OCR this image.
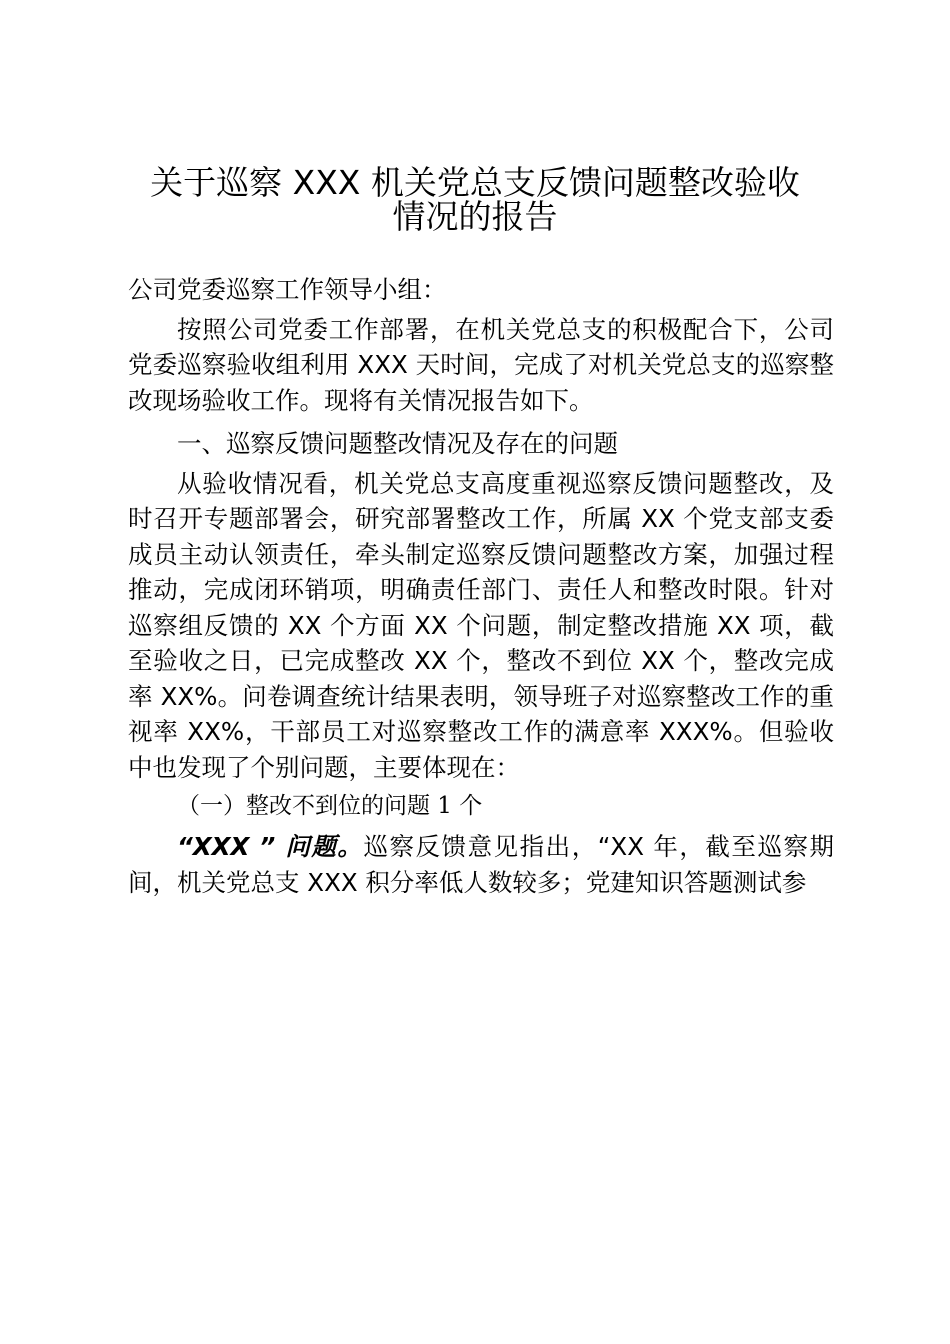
关于巡察 XXX 机关党总支反馈问题整改验收
情况的报告

公司党委巡察工作领导小组：

按照公司党委工作部署，在机关党总支的积极配合下，公司党委巡察验收组利用 XXX 天时间，完成了对机关党总支的巡察整改现场验收工作。现将有关情况报告如下。

一、巡察反馈问题整改情况及存在的问题

从验收情况看，机关党总支高度重视巡察反馈问题整改，及时召开专题部署会，研究部署整改工作，所属 XX 个党支部支委成员主动认领责任，牵头制定巡察反馈问题整改方案，加强过程推动，完成闭环销项，明确责任部门、责任人和整改时限。针对巡察组反馈的 XX 个方面 XX 个问题，制定整改措施 XX 项，截至验收之日，已完成整改 XX 个，整改不到位 XX 个，整改完成率 XX%。问卷调查统计结果表明，领导班子对巡察整改工作的重视率 XX%，干部员工对巡察整改工作的满意率 XXX%。但验收中也发现了个别问题，主要体现在：

（一）整改不到位的问题 1 个

“XXX ” 问题。巡察反馈意见指出，“XX 年，截至巡察期间，机关党总支 XXX 积分率低人数较多；党建知识答题测试参
